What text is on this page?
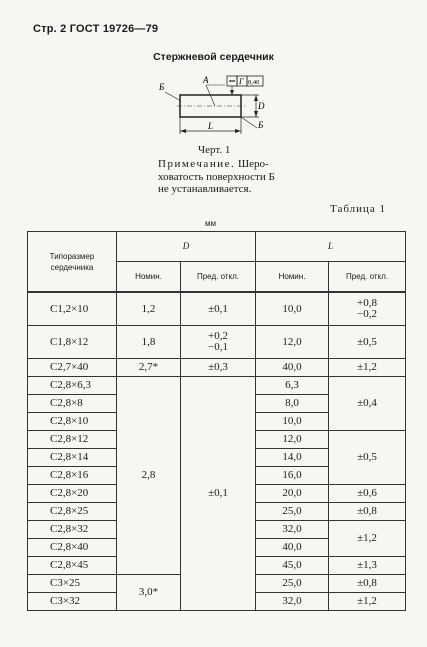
Стр. 2 ГОСТ 19726—79
Стержневой сердечник
L
D
Г 0,40
А
Б
Б
Черт. 1
Примечание. Шеро-
ховатость поверхности Б
не устанавливается.
Таблица 1
мм
Типоразмер сердечника	D		L	
	Номин.	Пред. откл.	Номин.	Пред. откл.
С1,2×10	1,2	±0,1	10,0	+0,8
−0,2

С1,8×12	1,8	+0,2
−0,1	12,0	±0,5
С2,7×40	2,7*	±0,3	40,0	±1,2
С2,8×6,3	2,8	±0,1	6,3	±0,4
С2,8×8			8,0	
С2,8×10			10,0	
С2,8×12			12,0	±0,5
С2,8×14			14,0	
С2,8×16			16,0	
С2,8×20			20,0	±0,6
С2,8×25			25,0	±0,8
С2,8×32			32,0	±1,2
С2,8×40			40,0	
С2,8×45			45,0	±1,3
С3×25	3,0*		25,0	±0,8
С3×32			32,0	±1,2
